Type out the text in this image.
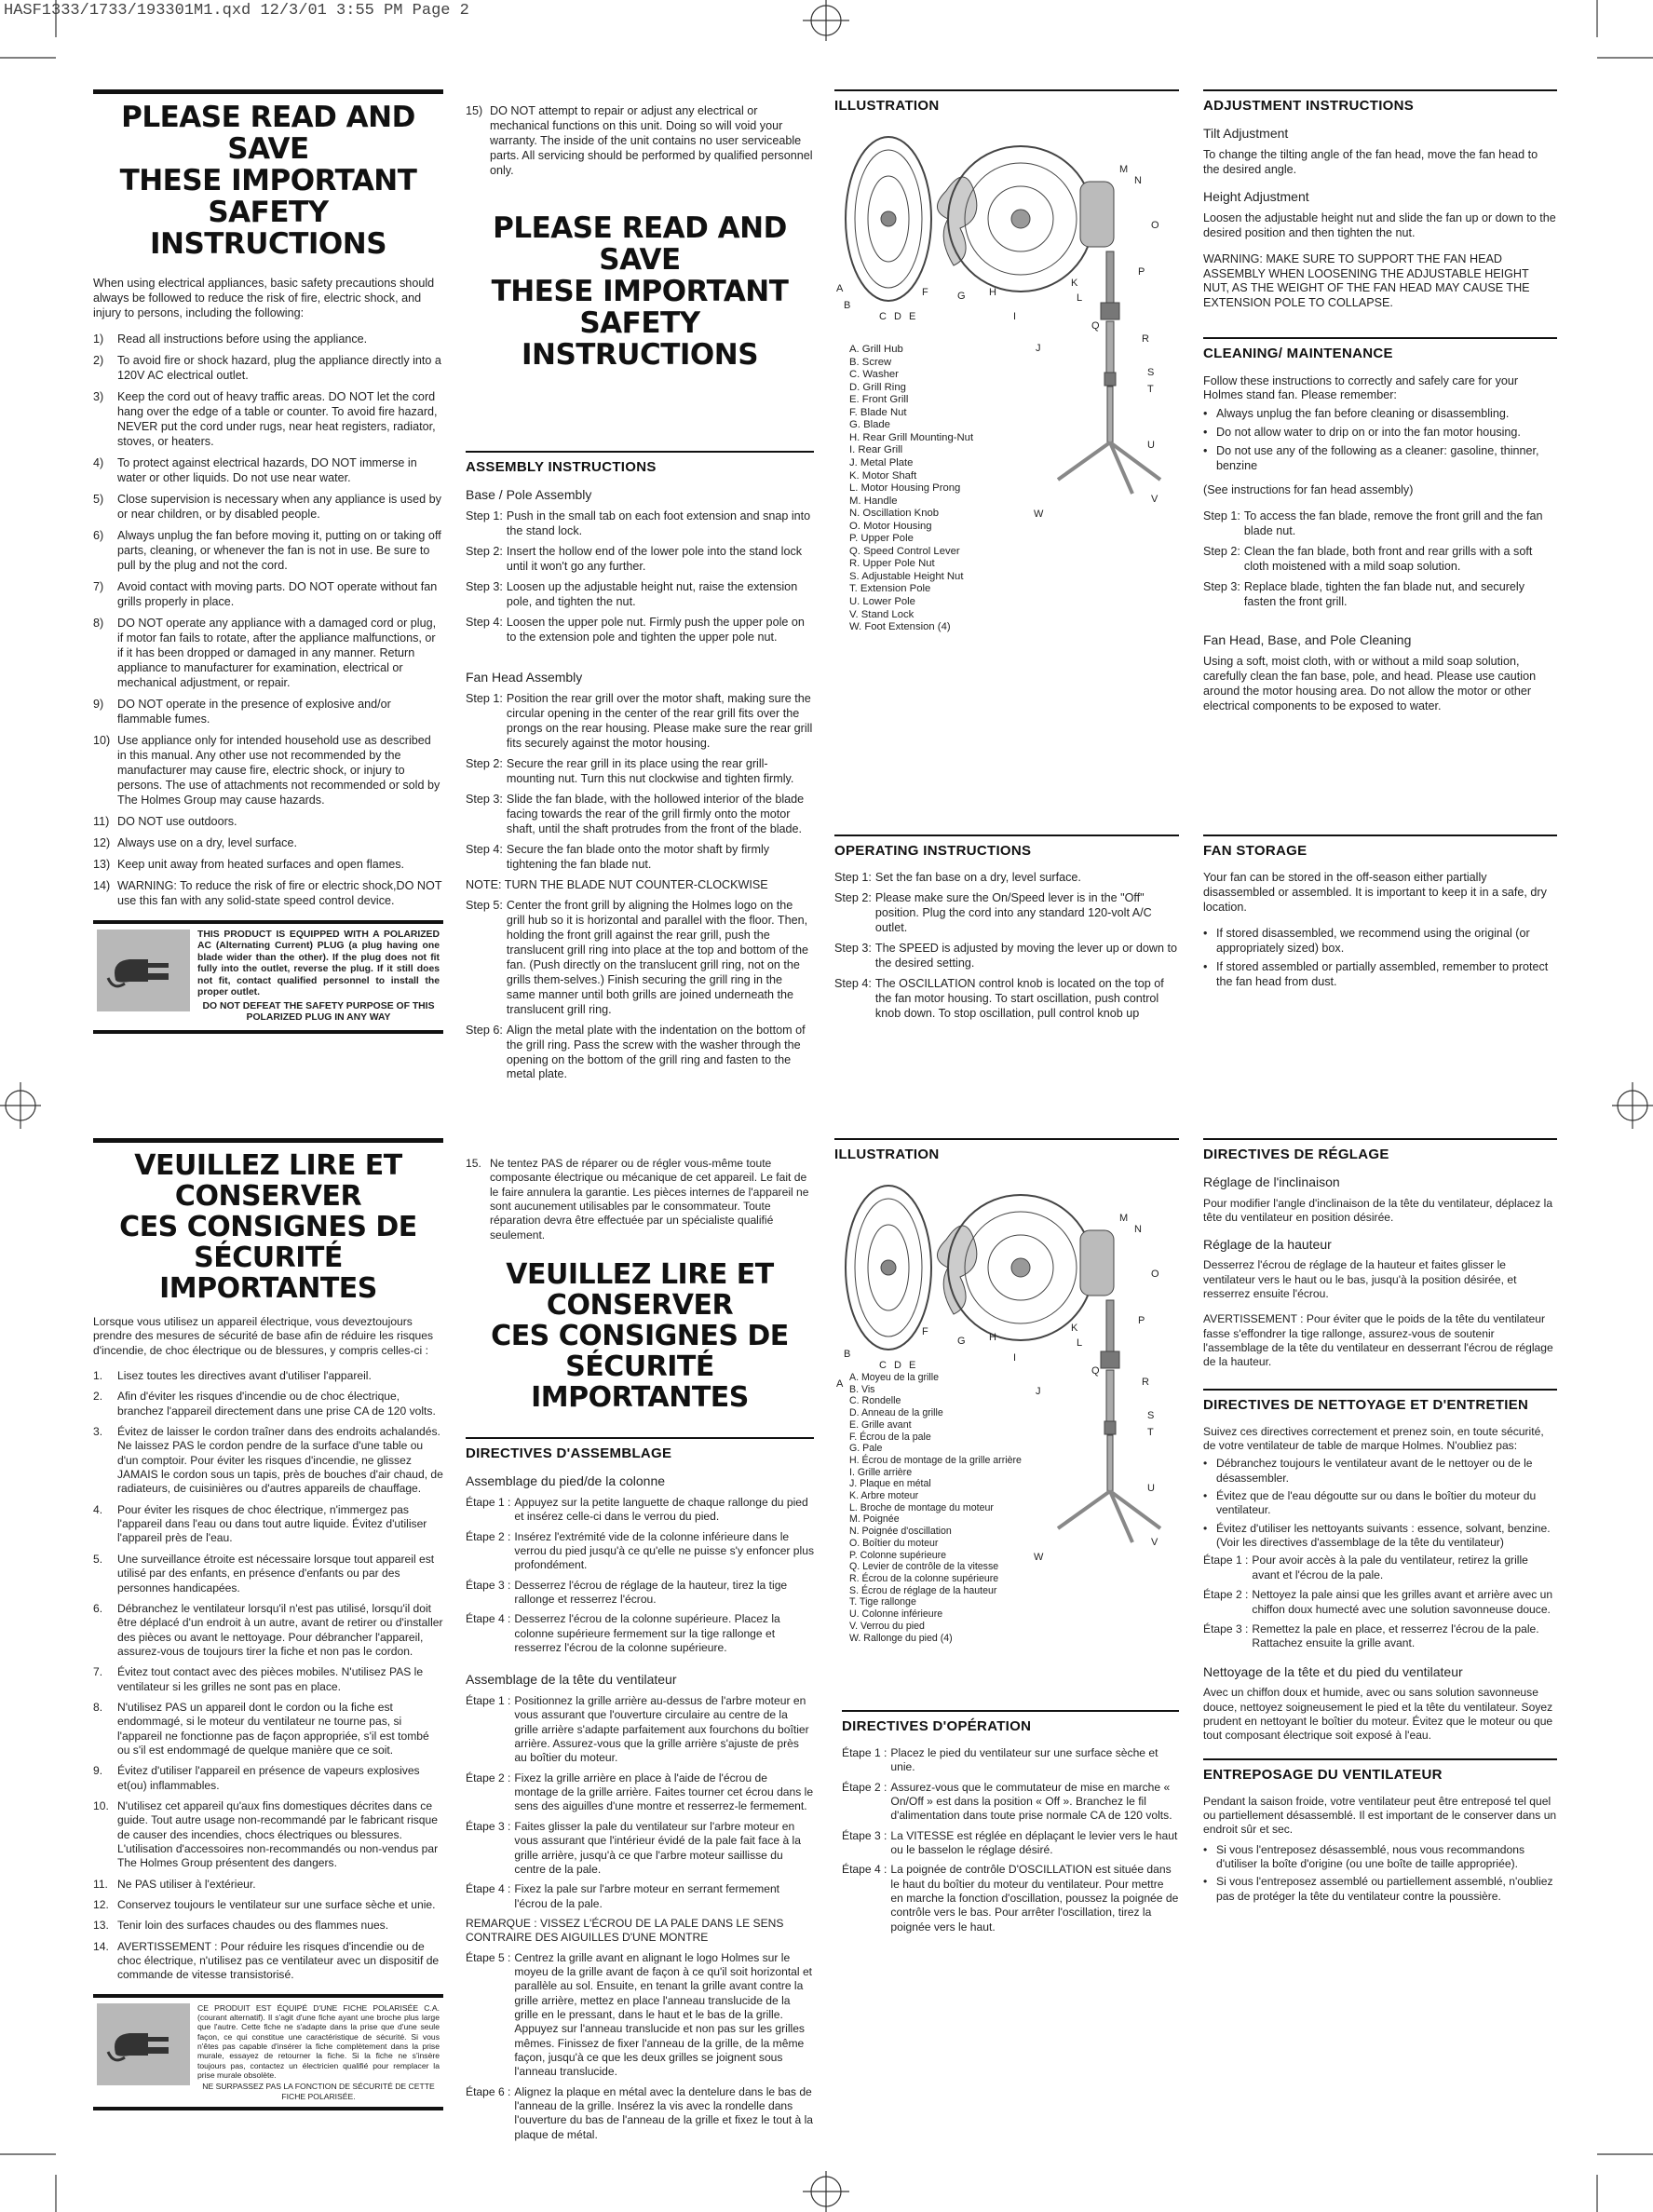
HASF1333/1733/193301M1.qxd 12/3/01 3:55 PM Page 2
PLEASE READ AND SAVE
THESE IMPORTANT SAFETY
INSTRUCTIONS

When using electrical appliances, basic safety precautions should always be followed to reduce the risk of fire, electric shock, and injury to persons, including the following:

1)	Read all instructions before using the appliance.
2)	To avoid fire or shock hazard, plug the appliance directly into a 120V AC electrical outlet.
3)	Keep the cord out of heavy traffic areas. DO NOT let the cord hang over the edge of a table or counter. To avoid fire hazard, NEVER put the cord under rugs, near heat registers, radiator, stoves, or heaters.
4)	To protect against electrical hazards, DO NOT immerse in water or other liquids. Do not use near water.
5)	Close supervision is necessary when any appliance is used by or near children, or by disabled people.
6)	Always unplug the fan before moving it, putting on or taking off parts, cleaning, or whenever the fan is not in use. Be sure to pull by the plug and not the cord.
7)	Avoid contact with moving parts. DO NOT operate without fan grills properly in place.
8)	DO NOT operate any appliance with a damaged cord or plug, if motor fan fails to rotate, after the appliance malfunctions, or if it has been dropped or damaged in any manner. Return appliance to manufacturer for examination, electrical or mechanical adjustment, or repair.
9)	DO NOT operate in the presence of explosive and/or flammable fumes.
10) Use appliance only for intended household use as described in this manual. Any other use not recommended by the manufacturer may cause fire, electric shock, or injury to persons. The use of attachments not recommended or sold by The Holmes Group may cause hazards.
11) DO NOT use outdoors.
12) Always use on a dry, level surface.
13) Keep unit away from heated surfaces and open flames.
14) WARNING: To reduce the risk of fire or electric shock,DO NOT use this fan with any solid-state speed control device.
THIS PRODUCT IS EQUIPPED WITH A POLARIZED AC (Alternating Current) PLUG (a plug having one blade wider than the other). If the plug does not fit fully into the outlet, reverse the plug. If it still does not fit, contact qualified personnel to install the proper outlet.
DO NOT DEFEAT THE SAFETY PURPOSE OF THIS POLARIZED PLUG IN ANY WAY
15) DO NOT attempt to repair or adjust any electrical or mechanical functions on this unit. Doing so will void your warranty. The inside of the unit contains no user serviceable parts. All servicing should be performed by qualified personnel only.
PLEASE READ AND SAVE
THESE IMPORTANT SAFETY
INSTRUCTIONS
ASSEMBLY INSTRUCTIONS
Base / Pole Assembly
Step 1: Push in the small tab on each foot extension and snap into the stand lock.
Step 2: Insert the hollow end of the lower pole into the stand lock until it won't go any further.
Step 3: Loosen up the adjustable height nut, raise the extension pole, and tighten the nut.
Step 4: Loosen the upper pole nut. Firmly push the upper pole on to the extension pole and tighten the upper pole nut.
Fan Head Assembly
Step 1: Position the rear grill over the motor shaft, making sure the circular opening in the center of the rear grill fits over the prongs on the rear housing. Please make sure the rear grill fits securely against the motor housing.
Step 2: Secure the rear grill in its place using the rear grill-mounting nut. Turn this nut clockwise and tighten firmly.
Step 3: Slide the fan blade, with the hollowed interior of the blade facing towards the rear of the grill firmly onto the motor shaft, until the shaft protrudes from the front of the blade.
Step 4: Secure the fan blade onto the motor shaft by firmly tightening the fan blade nut.
NOTE: TURN THE BLADE NUT COUNTER-CLOCKWISE
Step 5: Center the front grill by aligning the Holmes logo on the grill hub so it is horizontal and parallel with the floor. Then, holding the front grill against the rear grill, push the translucent grill ring into place at the top and bottom of the fan. (Push directly on the translucent grill ring, not on the grills them-selves.) Finish securing the grill ring in the same manner until both grills are joined underneath the translucent grill ring.
Step 6: Align the metal plate with the indentation on the bottom of the grill ring. Pass the screw with the washer through the opening on the bottom of the grill ring and fasten to the metal plate.
ILLUSTRATION
A
B
C D E
F	G H
I
J
K
L
M
N
O
P
Q
R
S
T
U
V
W
A. Grill Hub
B. Screw
C. Washer
D. Grill Ring
E. Front Grill
F. Blade Nut
G. Blade
H. Rear Grill Mounting-Nut
I. Rear Grill
J. Metal Plate
K. Motor Shaft
L. Motor Housing Prong
M. Handle
N. Oscillation Knob
O. Motor Housing
P. Upper Pole
Q. Speed Control Lever
R. Upper Pole Nut
S. Adjustable Height Nut
T. Extension Pole
U. Lower Pole
V. Stand Lock
W. Foot Extension (4)
OPERATING INSTRUCTIONS
Step 1: Set the fan base on a dry, level surface.
Step 2: Please make sure the On/Speed lever is in the "Off" position. Plug the cord into any standard 120-volt A/C outlet.
Step 3: The SPEED is adjusted by moving the lever up or down to the desired setting.
Step 4: The OSCILLATION control knob is located on the top of the fan motor housing. To start oscillation, push control knob down. To stop oscillation, pull control knob up
ADJUSTMENT INSTRUCTIONS
Tilt Adjustment

To change the tilting angle of the fan head, move the fan head to the desired angle.

Height Adjustment

Loosen the adjustable height nut and slide the fan up or down to the desired position and then tighten the nut.

WARNING: MAKE SURE TO SUPPORT THE FAN HEAD ASSEMBLY WHEN LOOSENING THE ADJUSTABLE HEIGHT NUT, AS THE WEIGHT OF THE FAN HEAD MAY CAUSE THE EXTENSION POLE TO COLLAPSE.

CLEANING/ MAINTENANCE

Follow these instructions to correctly and safely care for your Holmes stand fan. Please remember:

• Always unplug the fan before cleaning or disassembling.
• Do not allow water to drip on or into the fan motor housing.
• Do not use any of the following as a cleaner: gasoline, thinner, benzine

(See instructions for fan head assembly)

Step 1: To access the fan blade, remove the front grill and the fan blade nut.
Step 2: Clean the fan blade, both front and rear grills with a soft cloth moistened with a mild soap solution.
Step 3: Replace blade, tighten the fan blade nut, and securely fasten the front grill.
Fan Head, Base, and Pole Cleaning

Using a soft, moist cloth, with or without a mild soap solution, carefully clean the fan base, pole, and head. Please use caution around the motor housing area. Do not allow the motor or other electrical components to be exposed to water.

FAN STORAGE

Your fan can be stored in the off-season either partially disassembled or assembled. It is important to keep it in a safe, dry location.

• If stored disassembled, we recommend using the original (or appropriately sized) box.
• If stored assembled or partially assembled, remember to protect the fan head from dust.
VEUILLEZ LIRE ET CONSERVER
CES CONSIGNES DE
SÉCURITÉ IMPORTANTES

Lorsque vous utilisez un appareil électrique, vous deveztoujours prendre des mesures de sécurité de base afin de réduire les risques d'incendie, de choc électrique ou de blessures, y compris celles-ci :

1.	Lisez toutes les directives avant d'utiliser l'appareil.
2.	Afin d'éviter les risques d'incendie ou de choc électrique, branchez l'appareil directement dans une prise CA de 120 volts.
3.	Évitez de laisser le cordon traîner dans des endroits achalandés. Ne laissez PAS le cordon pendre de la surface d'une table ou d'un comptoir. Pour éviter les risques d'incendie, ne glissez JAMAIS le cordon sous un tapis, près de bouches d'air chaud, de radiateurs, de cuisinières ou d'autres appareils de chauffage.
4.	Pour éviter les risques de choc électrique, n'immergez pas l'appareil dans l'eau ou dans tout autre liquide. Évitez d'utiliser l'appareil près de l'eau.
5.	Une surveillance étroite est nécessaire lorsque tout appareil est utilisé par des enfants, en présence d'enfants ou par des personnes handicapées.
6.	Débranchez le ventilateur lorsqu'il n'est pas utilisé, lorsqu'il doit être déplacé d'un endroit à un autre, avant de retirer ou d'installer des pièces ou avant le nettoyage. Pour débrancher l'appareil, assurez-vous de toujours tirer la fiche et non pas le cordon.
7.	Évitez tout contact avec des pièces mobiles. N'utilisez PAS le ventilateur si les grilles ne sont pas en place.
8.	N'utilisez PAS un appareil dont le cordon ou la fiche est endommagé, si le moteur du ventilateur ne tourne pas, si l'appareil ne fonctionne pas de façon appropriée, s'il est tombé ou s'il est endommagé de quelque manière que ce soit.
9.	Évitez d'utiliser l'appareil en présence de vapeurs explosives et(ou) inflammables.
10. N'utilisez cet appareil qu'aux fins domestiques décrites dans ce guide. Tout autre usage non-recommandé par le fabricant risque de causer des incendies, chocs électriques ou blessures. L'utilisation d'accessoires non-recommandés ou non-vendus par The Holmes Group présentent des dangers.
11. Ne PAS utiliser à l'extérieur.
12. Conservez toujours le ventilateur sur une surface sèche et unie.
13. Tenir loin des surfaces chaudes ou des flammes nues.
14. AVERTISSEMENT : Pour réduire les risques d'incendie ou de choc électrique, n'utilisez pas ce ventilateur avec un dispositif de commande de vitesse transistorisé.
CE PRODUIT EST ÉQUIPÉ D'UNE FICHE POLARISÉE C.A. (courant alternatif). Il s'agit d'une fiche ayant une broche plus large que l'autre. Cette fiche ne s'adapte dans la prise que d'une seule façon, ce qui constitue une caractéristique de sécurité. Si vous n'êtes pas capable d'insérer la fiche complètement dans la prise murale, essayez de retourner la fiche. Si la fiche ne s'insère toujours pas, contactez un électricien qualifié pour remplacer la prise murale obsolète.
NE SURPASSEZ PAS LA FONCTION DE SÉCURITÉ DE CETTE FICHE POLARISÉE.
15. Ne tentez PAS de réparer ou de régler vous-même toute composante électrique ou mécanique de cet appareil. Le fait de le faire annulera la garantie. Les pièces internes de l'appareil ne sont aucunement utilisables par le consommateur. Toute réparation devra être effectuée par un spécialiste qualifié seulement.
VEUILLEZ LIRE ET CONSERVER
CES CONSIGNES DE
SÉCURITÉ IMPORTANTES
DIRECTIVES D'ASSEMBLAGE
Assemblage du pied/de la colonne
Étape 1 : Appuyez sur la petite languette de chaque rallonge du pied et insérez celle-ci dans le verrou du pied.
Étape 2 : Insérez l'extrémité vide de la colonne inférieure dans le verrou du pied jusqu'à ce qu'elle ne puisse s'y enfoncer plus profondément.
Étape 3 : Desserrez l'écrou de réglage de la hauteur, tirez la tige rallonge et resserrez l'écrou.
Étape 4 : Desserrez l'écrou de la colonne supérieure. Placez la colonne supérieure fermement sur la tige rallonge et resserrez l'écrou de la colonne supérieure.
Assemblage de la tête du ventilateur
Étape 1 : Positionnez la grille arrière au-dessus de l'arbre moteur en vous assurant que l'ouverture circulaire au centre de la grille arrière s'adapte parfaitement aux fourchons du boîtier arrière. Assurez-vous que la grille arrière s'ajuste de près au boîtier du moteur.
Étape 2 : Fixez la grille arrière en place à l'aide de l'écrou de montage de la grille arrière. Faites tourner cet écrou dans le sens des aiguilles d'une montre et resserrez-le fermement.
Étape 3 : Faites glisser la pale du ventilateur sur l'arbre moteur en vous assurant que l'intérieur évidé de la pale fait face à la grille arrière, jusqu'à ce que l'arbre moteur saillisse du centre de la pale.
Étape 4 : Fixez la pale sur l'arbre moteur en serrant fermement l'écrou de la pale.
REMARQUE : VISSEZ L'ÉCROU DE LA PALE DANS LE SENS CONTRAIRE DES AIGUILLES D'UNE MONTRE
Étape 5 : Centrez la grille avant en alignant le logo Holmes sur le moyeu de la grille avant de façon à ce qu'il soit horizontal et parallèle au sol. Ensuite, en tenant la grille avant contre la grille arrière, mettez en place l'anneau translucide de la grille en le pressant, dans le haut et le bas de la grille. Appuyez sur l'anneau translucide et non pas sur les grilles mêmes. Finissez de fixer l'anneau de la grille, de la même façon, jusqu'à ce que les deux grilles se joignent sous l'anneau translucide.
Étape 6 : Alignez la plaque en métal avec la dentelure dans le bas de l'anneau de la grille. Insérez la vis avec la rondelle dans l'ouverture du bas de l'anneau de la grille et fixez le tout à la plaque de métal.
ILLUSTRATION
A
B
C D E
F
G H
I
J
K
L
M
N
O
P
Q
R
S
T
U
V
W
A. Moyeu de la grille
B. Vis
C. Rondelle
D. Anneau de la grille
E. Grille avant
F. Écrou de la pale
G. Pale
H. Écrou de montage de la grille arrière
I. Grille arrière
J. Plaque en métal
K. Arbre moteur
L. Broche de montage du moteur
M. Poignée
N. Poignée d'oscillation
O. Boîtier du moteur
P. Colonne supérieure
Q. Levier de contrôle de la vitesse
R. Écrou de la colonne supérieure
S. Écrou de réglage de la hauteur
T. Tige rallonge
U. Colonne inférieure
V. Verrou du pied
W. Rallonge du pied (4)
DIRECTIVES D'OPÉRATION
Étape 1 : Placez le pied du ventilateur sur une surface sèche et unie.
Étape 2 : Assurez-vous que le commutateur de mise en marche « On/Off » est dans la position « Off ». Branchez le fil d'alimentation dans toute prise normale CA de 120 volts.
Étape 3 : La VITESSE est réglée en déplaçant le levier vers le haut ou le basselon le réglage désiré.
Étape 4 : La poignée de contrôle D'OSCILLATION est située dans le haut du boîtier du moteur du ventilateur. Pour mettre en marche la fonction d'oscillation, poussez la poignée de contrôle vers le bas. Pour arrêter l'oscillation, tirez la poignée vers le haut.
DIRECTIVES DE RÉGLAGE
Réglage de l'inclinaison

Pour modifier l'angle d'inclinaison de la tête du ventilateur, déplacez la tête du ventilateur en position désirée.

Réglage de la hauteur

Desserrez l'écrou de réglage de la hauteur et faites glisser le ventilateur vers le haut ou le bas, jusqu'à la position désirée, et resserrez ensuite l'écrou.

AVERTISSEMENT : Pour éviter que le poids de la tête du ventilateur fasse s'effondrer la tige rallonge, assurez-vous de soutenir l'assemblage de la tête du ventilateur en desserrant l'écrou de réglage de la hauteur.

DIRECTIVES DE NETTOYAGE ET D'ENTRETIEN

Suivez ces directives correctement et prenez soin, en toute sécurité, de votre ventilateur de table de marque Holmes. N'oubliez pas:

• Débranchez toujours le ventilateur avant de le nettoyer ou de le désassembler.
• Évitez que de l'eau dégoutte sur ou dans le boîtier du moteur du ventilateur.
• Évitez d'utiliser les nettoyants suivants : essence, solvant, benzine. (Voir les directives d'assemblage de la tête du ventilateur)
Étape 1 : Pour avoir accès à la pale du ventilateur, retirez la grille avant et l'écrou de la pale.
Étape 2 : Nettoyez la pale ainsi que les grilles avant et arrière avec un chiffon doux humecté avec une solution savonneuse douce.
Étape 3 : Remettez la pale en place, et resserrez l'écrou de la pale. Rattachez ensuite la grille avant.
Nettoyage de la tête et du pied du ventilateur

Avec un chiffon doux et humide, avec ou sans solution savonneuse douce, nettoyez soigneusement le pied et la tête du ventilateur. Soyez prudent en nettoyant le boîtier du moteur. Évitez que le moteur ou que tout composant électrique soit exposé à l'eau.

ENTREPOSAGE DU VENTILATEUR

Pendant la saison froide, votre ventilateur peut être entreposé tel quel ou partiellement désassemblé. Il est important de le conserver dans un endroit sûr et sec.

• Si vous l'entreposez désassemblé, nous vous recommandons d'utiliser la boîte d'origine (ou une boîte de taille appropriée).
• Si vous l'entreposez assemblé ou partiellement assemblé, n'oubliez pas de protéger la tête du ventilateur contre la poussière.
